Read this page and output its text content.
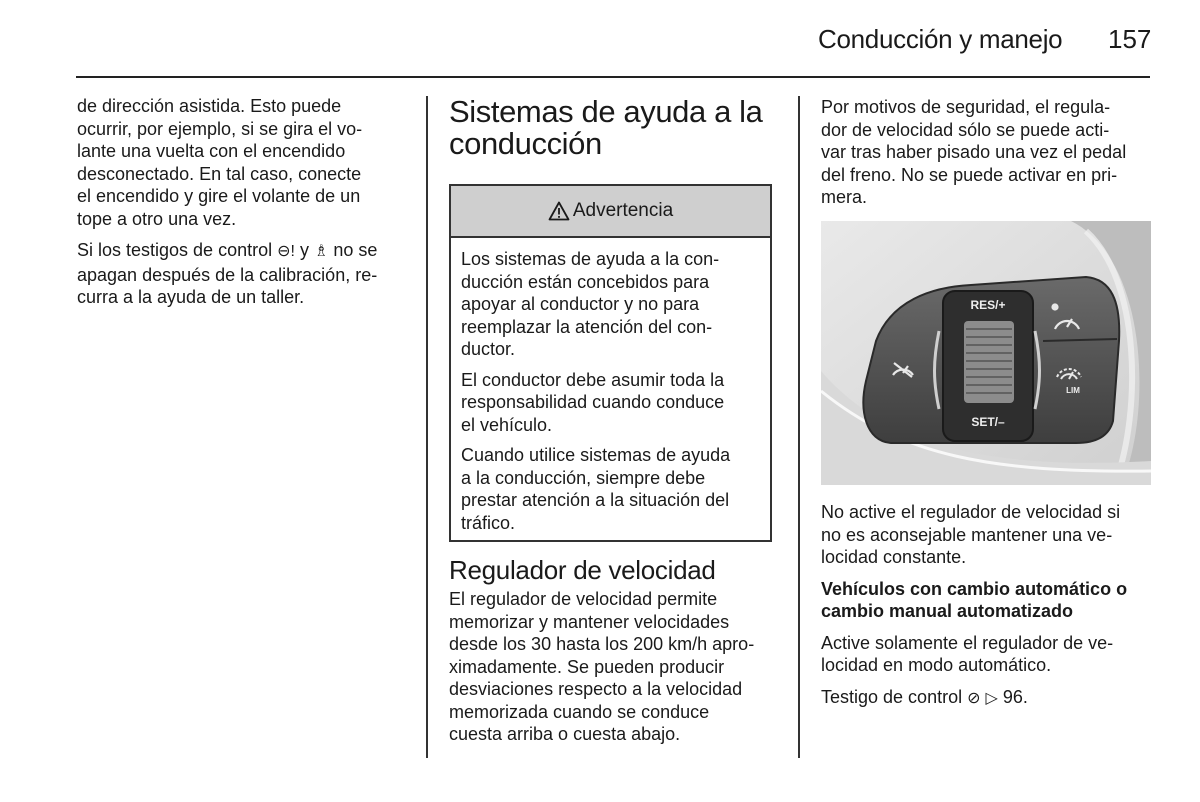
Conducción y manejo 157

de dirección asistida. Esto puede
ocurrir, por ejemplo, si se gira el vo-
lante una vuelta con el encendido
desconectado. En tal caso, conecte
el encendido y gire el volante de un
tope a otro una vez.

Si los testigos de control ⊖! y ♗ no se
apagan después de la calibración, re-
curra a la ayuda de un taller.

Sistemas de ayuda a la
conducción
Advertencia

Los sistemas de ayuda a la con-
ducción están concebidos para
apoyar al conductor y no para
reemplazar la atención del con-
ductor.

El conductor debe asumir toda la
responsabilidad cuando conduce
el vehículo.

Cuando utilice sistemas de ayuda
a la conducción, siempre debe
prestar atención a la situación del
tráfico.

Regulador de velocidad

El regulador de velocidad permite
memorizar y mantener velocidades
desde los 30 hasta los 200 km/h apro-
ximadamente. Se pueden producir
desviaciones respecto a la velocidad
memorizada cuando se conduce
cuesta arriba o cuesta abajo.

Por motivos de seguridad, el regula-
dor de velocidad sólo se puede acti-
var tras haber pisado una vez el pedal
del freno. No se puede activar en pri-
mera.

RES/+
SET/–
LIM

No active el regulador de velocidad si
no es aconsejable mantener una ve-
locidad constante.

Vehículos con cambio automático o
cambio manual automatizado

Active solamente el regulador de ve-
locidad en modo automático.

Testigo de control ⊘ ▷ 96.
